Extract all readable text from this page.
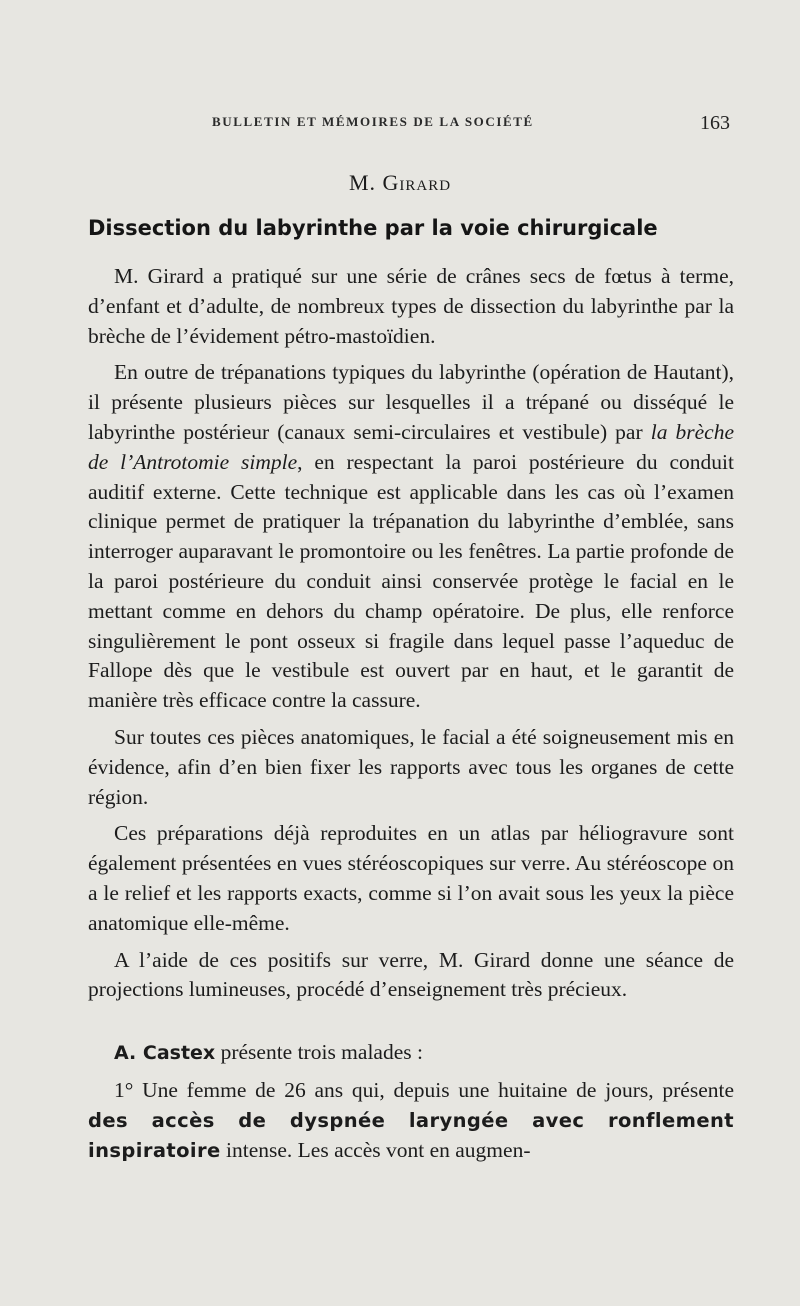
BULLETIN ET MÉMOIRES DE LA SOCIÉTÉ	163
M. Girard
Dissection du labyrinthe par la voie chirurgicale

M. Girard a pratiqué sur une série de crânes secs de fœtus à terme, d’enfant et d’adulte, de nombreux types de dissection du labyrinthe par la brèche de l’évidement pétro-mastoïdien.

En outre de trépanations typiques du labyrinthe (opération de Hautant), il présente plusieurs pièces sur lesquelles il a trépané ou disséqué le labyrinthe postérieur (canaux semi-circulaires et vestibule) par la brèche de l’Antrotomie simple, en respectant la paroi postérieure du conduit auditif externe. Cette technique est applicable dans les cas où l’examen clinique permet de pratiquer la trépanation du labyrinthe d’emblée, sans interroger auparavant le promontoire ou les fenêtres. La partie profonde de la paroi postérieure du conduit ainsi conservée protège le facial en le mettant comme en dehors du champ opératoire. De plus, elle renforce singulièrement le pont osseux si fragile dans lequel passe l’aqueduc de Fallope dès que le vestibule est ouvert par en haut, et le garantit de manière très efficace contre la cassure.

Sur toutes ces pièces anatomiques, le facial a été soigneusement mis en évidence, afin d’en bien fixer les rapports avec tous les organes de cette région.

Ces préparations déjà reproduites en un atlas par héliogravure sont également présentées en vues stéréoscopiques sur verre. Au stéréoscope on a le relief et les rapports exacts, comme si l’on avait sous les yeux la pièce anatomique elle-même.

A l’aide de ces positifs sur verre, M. Girard donne une séance de projections lumineuses, procédé d’enseignement très précieux.

A. Castex présente trois malades :

1° Une femme de 26 ans qui, depuis une huitaine de jours, présente des accès de dyspnée laryngée avec ronflement inspiratoire intense. Les accès vont en augmen-
